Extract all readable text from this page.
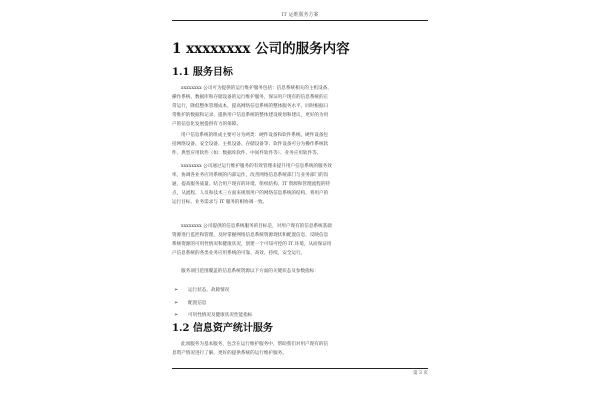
IT 运维服务方案
1 xxxxxxxx 公司的服务内容
1.1 服务目标

xxxxxxxx 公司可为提供的运行维护服务包括：信息系统相关的主机设备、
操作系统、数据库和存储设备的运行维护服务，保证用户现有的信息系统的正
常运行，降低整体管理成本，提高网络信息系统的整体服务水平。同时根据日
常维护的数据和记录，提供用户信息系统的整体建设规划和建议，更好的为用
户的信息化发展提供有力的保障。

用户信息系统的组成主要可分为两类：硬件设备和软件系统。硬件设备包
括网络设备、安全设备、主机设备、存储设备等；软件设备可分为操作系统软
件、典型应用软件（如：数据库软件、中间件软件等）、业务应用软件等。

xxxxxxxx 公司通过运行维护服务的有效管理来提升用户信息系统的服务效
率，协调各业务应用系统的内部运作，改善网络信息系统部门与业务部门的沟
通，提高服务质量。结合用户现有的环境、组织结构、IT 资源和管理流程的特
点，从流程、人员和技术三方面来规划用户的网络信息系统的结构。将用户的
运行目标、业务需求与 IT 服务的相协调一致。

xxxxxxxx 公司提供的信息系统服务的目标是，对用户现有的信息系统基础
资源进行监控和管理，及时掌握网络信息系统资源现状和配置信息，反映信息
系统资源的可用性情况和健康状况，创建一个可知可控的 IT 环境，从而保证用
户信息系统的各类业务应用系统的可靠、高效、持续、安全运行。

服务项目范围覆盖的信息系统资源以下方面的关键状态及参数指标：

➢ 运行状态、故障情况
➢ 配置信息
➢ 可用性情况及健康状况性能指标
1.2 信息资产统计服务

此项服务为基本服务，包含在运行维护服务中，帮助我们对用户现有的信
息资产情况进行了解，更好的提供系统的运行维护服务。

第 3 页
